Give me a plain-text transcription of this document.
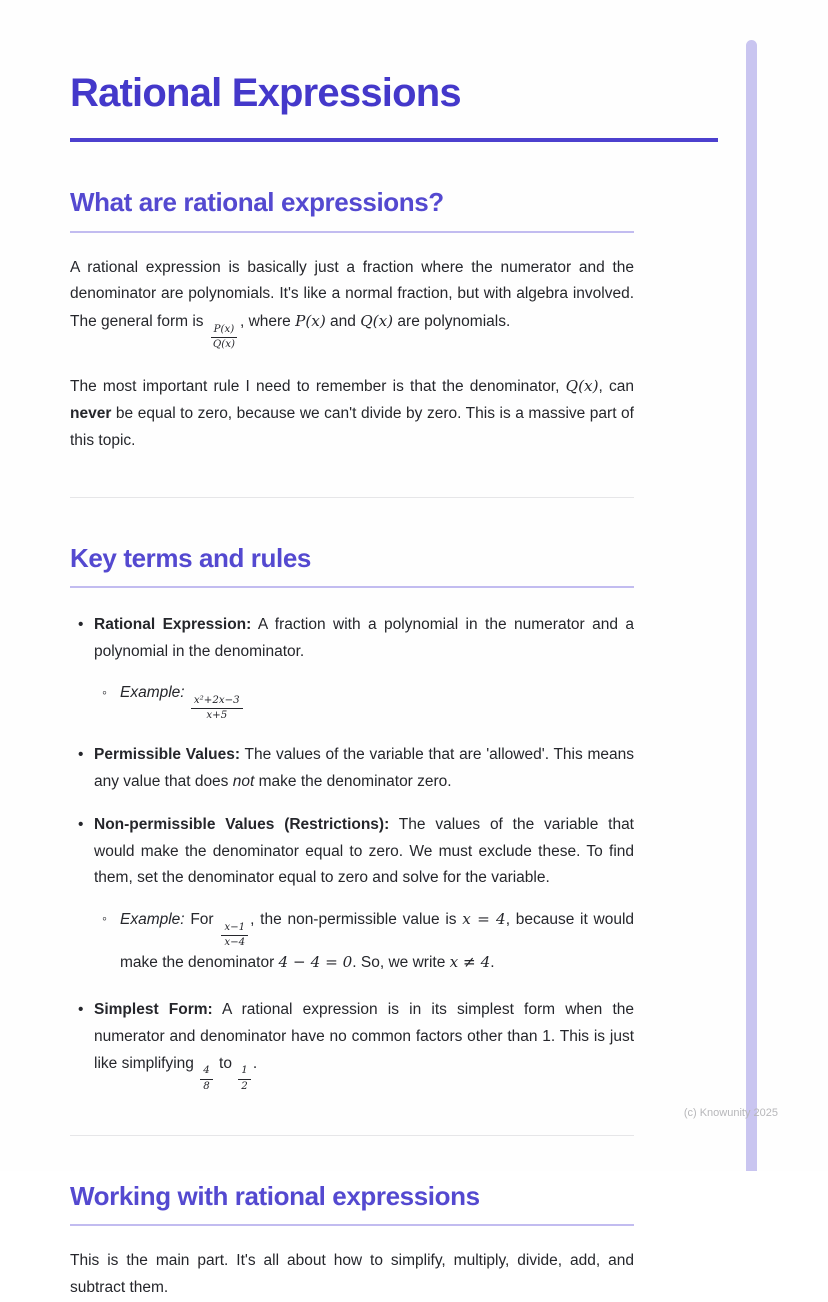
Rational Expressions
What are rational expressions?

A rational expression is basically just a fraction where the numerator and the denominator are polynomials. It's like a normal fraction, but with algebra involved. The general form is
$\frac{P(x)}{Q(x)}$
, where P(x) and Q(x) are polynomials.

The most important rule I need to remember is that the denominator, Q(x), can never be equal to zero, because we can't divide by zero. This is a massive part of this topic.

Key terms and rules
• Rational Expression: A fraction with a polynomial in the numerator and a polynomial in the denominator.
◦ Example:
$\frac{\text{x²+2x−3}}{x+5}$
• Permissible Values: The values of the variable that are 'allowed'. This means any value that does not make the denominator zero.
• Non-permissible Values (Restrictions): The values of the variable that would make the denominator equal to zero. We must exclude these. To find them, set the denominator equal to zero and solve for the variable.
◦ Example: For
$\frac{x-1}{x-4}$
, the non-permissible value is x = 4, because it would make the denominator 4 − 4 = 0. So, we write x ≠ 4.
• Simplest Form: A rational expression is in its simplest form when the numerator and denominator have no common factors other than 1. This is just like simplifying
$\frac{4}{8}$
to
$\frac{1}{2}$
.
Working with rational expressions

This is the main part. It's all about how to simplify, multiply, divide, add, and subtract them.

(c) Knowunity 2025
